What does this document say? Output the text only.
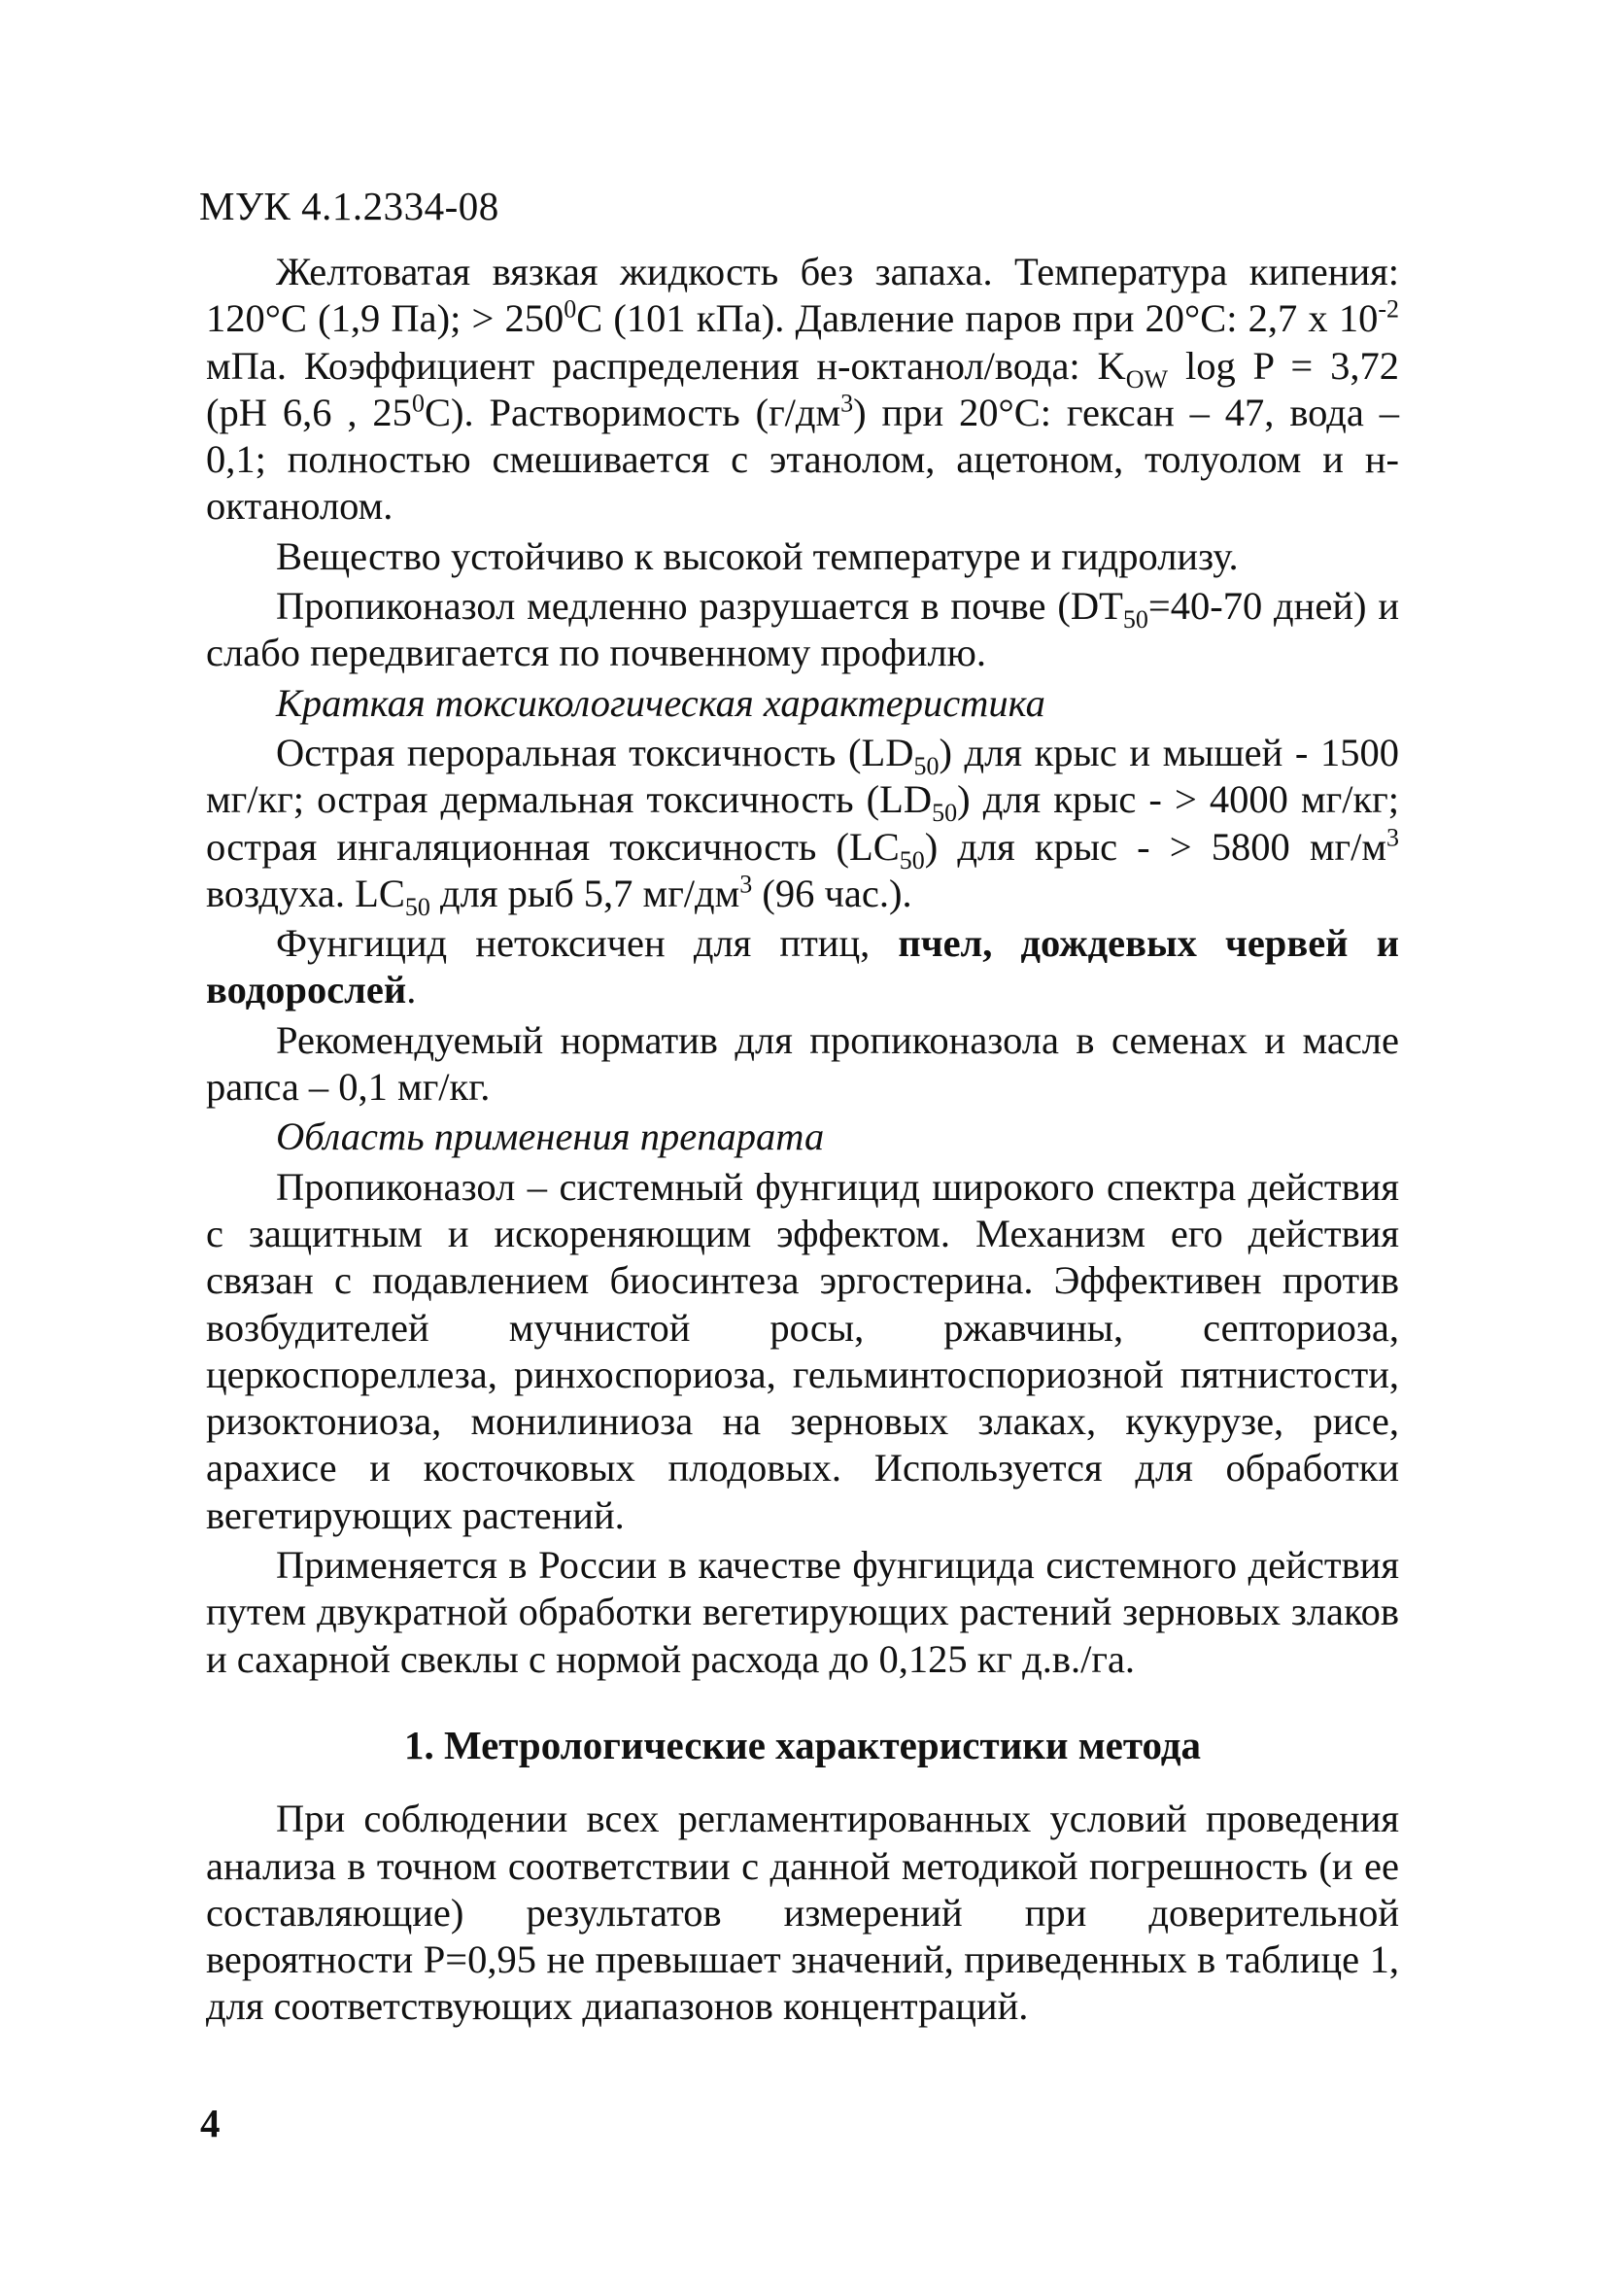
МУК 4.1.2334-08

Желтоватая вязкая жидкость без запаха. Температура кипения: 120°С (1,9 Па); > $250^0С$ (101 кПа). Давление паров при 20°С: 2,7 х $10^{-2}$ мПа. Коэффициент распределения н-октанол/вода: $K_{OW}$ log P = 3,72 (рН 6,6 , $25^0С$). Растворимость $(г/дм^3)$ при 20°С: гексан – 47, вода – 0,1; полностью смешивается с этанолом, ацетоном, толуолом и н-октанолом.

Вещество устойчиво к высокой температуре и гидролизу.

Пропиконазол медленно разрушается в почве ($DT_{50}=40-70$ дней) и слабо передвигается по почвенному профилю.

Краткая токсикологическая характеристика

Острая пероральная токсичность $(LD_{50})$ для крыс и мышей - 1500 мг/кг; острая дермальная токсичность $(LD_{50})$ для крыс - > 4000 мг/кг; острая ингаляционная токсичность $(LC_{50})$ для крыс - > 5800 $мг/м^3$ воздуха. $LC_{50}$ для рыб 5,7 $мг/дм^3$ (96 час.).

Фунгицид нетоксичен для птиц, пчел, дождевых червей и водорослей.

Рекомендуемый норматив для пропиконазола в семенах и масле рапса – 0,1 мг/кг.

Область применения препарата

Пропиконазол – системный фунгицид широкого спектра действия с защитным и искореняющим эффектом. Механизм его действия связан с подавлением биосинтеза эргостерина. Эффективен против возбудителей мучнистой росы, ржавчины, септориоза, церкоспореллеза, ринхоспориоза, гельминтоспориозной пятнистости, ризоктониоза, монилиниоза на зерновых злаках, кукурузе, рисе, арахисе и косточковых плодовых. Используется для обработки вегетирующих растений.

Применяется в России в качестве фунгицида системного действия путем двукратной обработки вегетирующих растений зерновых злаков и сахарной свеклы с нормой расхода до 0,125 кг д.в./га.

1. Метрологические характеристики метода

При соблюдении всех регламентированных условий проведения анализа в точном соответствии с данной методикой погрешность (и ее составляющие) результатов измерений при доверительной вероятности Р=0,95 не превышает значений, приведенных в таблице 1, для соответствующих диапазонов концентраций.

4
